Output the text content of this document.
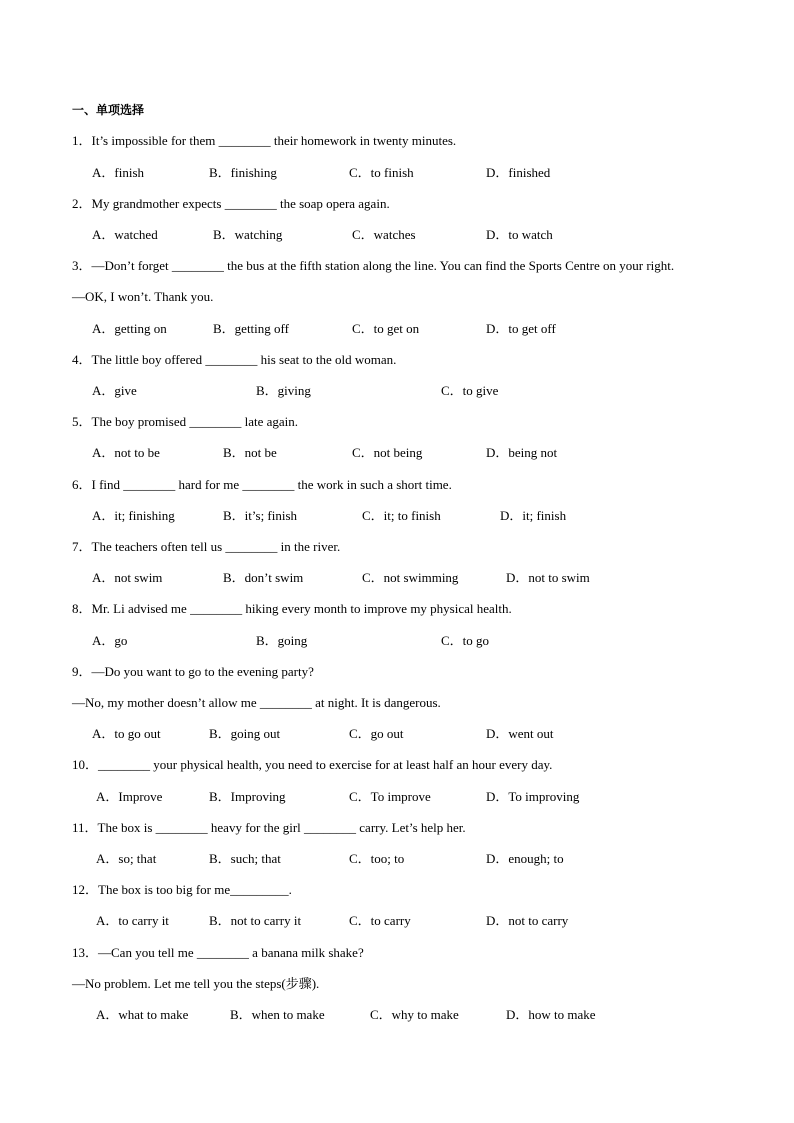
一、单项选择
1．It’s impossible for them ________ their homework in twenty minutes.
A．finish	B．finishing	C．to finish	D．finished
2．My grandmother expects ________ the soap opera again.
A．watched	B．watching	C．watches	D．to watch
3．—Don’t forget ________ the bus at the fifth station along the line. You can find the Sports Centre on your right.
—OK, I won’t. Thank you.
A．getting on	B．getting off	C．to get on	D．to get off
4．The little boy offered ________ his seat to the old woman.
A．give	B．giving	C．to give
5．The boy promised ________ late again.
A．not to be	B．not be	C．not being	D．being not
6．I find ________ hard for me ________ the work in such a short time.
A．it; finishing	B．it’s; finish	C．it; to finish	D．it; finish
7．The teachers often tell us ________ in the river.
A．not swim	B．don’t swim	C．not swimming	D．not to swim
8．Mr. Li advised me ________ hiking every month to improve my physical health.
A．go	B．going	C．to go
9．—Do you want to go to the evening party?
—No, my mother doesn’t allow me ________ at night. It is dangerous.
A．to go out	B．going out	C．go out	D．went out
10．________ your physical health, you need to exercise for at least half an hour every day.
A．Improve	B．Improving	C．To improve	D．To improving
11．The box is ________ heavy for the girl ________ carry. Let’s help her.
A．so; that	B．such; that	C．too; to	D．enough; to
12．The box is too big for me_________.
A．to carry it	B．not to carry it	C．to carry	D．not to carry
13．—Can you tell me ________ a banana milk shake?
—No problem. Let me tell you the steps(步骤).
A．what to make	B．when to make	C．why to make	D．how to make
